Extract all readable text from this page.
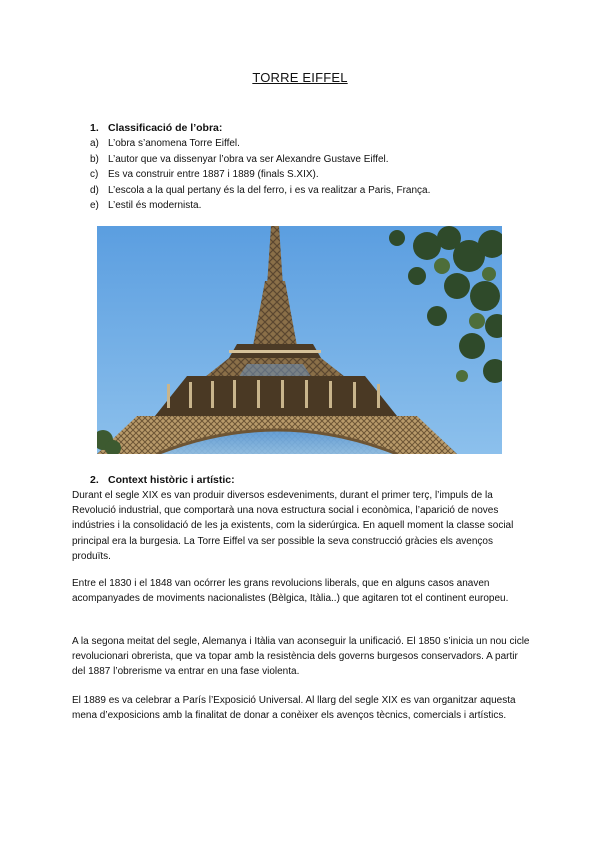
TORRE EIFFEL
1. Classificació de l’obra:
a) L’obra s’anomena Torre Eiffel.
b) L’autor que va dissenyar l’obra va ser Alexandre Gustave Eiffel.
c) Es va construir entre 1887 i 1889 (finals S.XIX).
d) L’escola a la qual pertany és la del ferro, i es va realitzar a Paris, França.
e) L’estil és modernista.
2. Context històric i artístic:

Durant el segle XIX es van produir diversos esdeveniments, durant el primer terç, l’impuls de la Revolució industrial, que comportarà una nova estructura social i econòmica, l’aparició de noves indústries i la consolidació de les ja existents, com la siderúrgica. En aquell moment la classe social principal era la burgesia. La Torre Eiffel va ser possible la seva construcció gràcies els avenços produïts.

Entre el 1830 i el 1848 van ocórrer les grans revolucions liberals, que en alguns casos anaven acompanyades de moviments nacionalistes (Bèlgica, Itàlia..) que agitaren tot el continent europeu.

A la segona meitat del segle, Alemanya i Itàlia van aconseguir la unificació. El 1850 s’inicia un nou cicle revolucionari obrerista, que va topar amb la resistència dels governs burgesos conservadors. A partir del 1887 l’obrerisme va entrar en una fase violenta.

El 1889 es va celebrar a París l’Exposició Universal. Al llarg del segle XIX es van organitzar aquesta mena d’exposicions amb la finalitat de donar a conèixer els avenços tècnics, comercials i artístics.
